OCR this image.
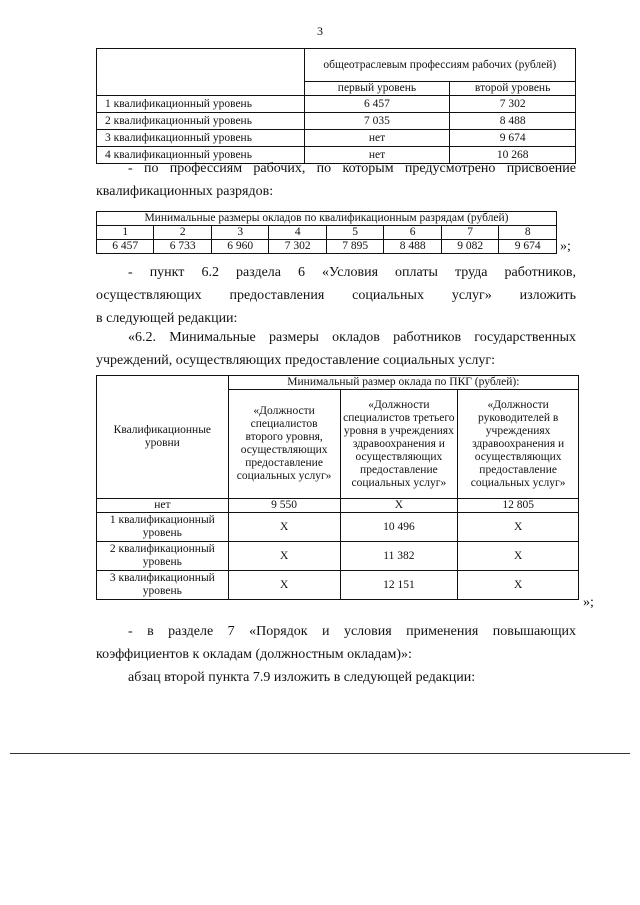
3
	общеотраслевым профессиям рабочих (рублей)	
	первый уровень	второй уровень
1 квалификационный уровень	6 457	7 302
2 квалификационный уровень	7 035	8 488
3 квалификационный уровень	нет	9 674
4 квалификационный уровень	нет	10 268
- по профессиям рабочих, по которым предусмотрено присвоение
квалификационных разрядов:
Минимальные размеры окладов по квалификационным разрядам (рублей)							
1	2	3	4	5	6	7	8
6 457	6 733	6 960	7 302	7 895	8 488	9 082	9 674 »;
- пункт 6.2 раздела 6 «Условия оплаты труда работников,
осуществляющих предоставления социальных услуг» изложить
в следующей редакции:
«6.2. Минимальные размеры окладов работников государственных
учреждений, осуществляющих предоставление социальных услуг:
Квалификационные уровни	Минимальный размер оклада по ПКГ (рублей):		
	«Должности специалистов второго уровня, осуществляющих предоставление социальных услуг»	«Должности специалистов третьего уровня в учреждениях здравоохранения и осуществляющих предоставление социальных услуг»	«Должности руководителей в учреждениях здравоохранения и осуществляющих предоставление социальных услуг»
нет	9 550	X	12 805
1 квалификационный уровень	X	10 496	X
2 квалификационный уровень	X	11 382	X
3 квалификационный уровень	X	12 151	X
»;
- в разделе 7 «Порядок и условия применения повышающих
коэффициентов к окладам (должностным окладам)»:
абзац второй пункта 7.9 изложить в следующей редакции:
